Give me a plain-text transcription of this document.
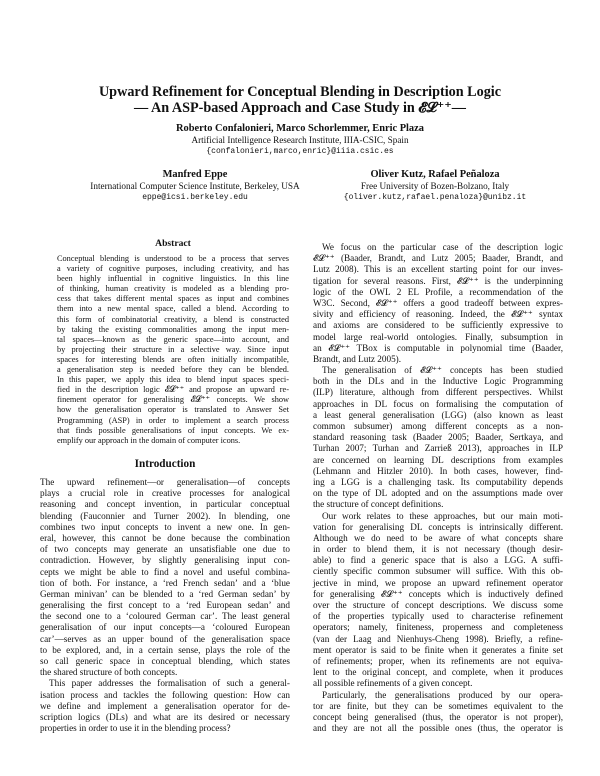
Upward Refinement for Conceptual Blending in Description Logic
— An ASP-based Approach and Case Study in 𝓔𝓛⁺⁺—
Roberto Confalonieri, Marco Schorlemmer, Enric Plaza
Artificial Intelligence Research Institute, IIIA-CSIC, Spain
{confalonieri,marco,enric}@iiia.csic.es
Manfred Eppe
International Computer Science Institute, Berkeley, USA
eppe@icsi.berkeley.edu
Oliver Kutz, Rafael Peñaloza
Free University of Bozen-Bolzano, Italy
{oliver.kutz,rafael.penaloza}@unibz.it
Abstract
Conceptual blending is understood to be a process that serves
a variety of cognitive purposes, including creativity, and has
been highly influential in cognitive linguistics. In this line
of thinking, human creativity is modeled as a blending pro-
cess that takes different mental spaces as input and combines
them into a new mental space, called a blend. According to
this form of combinatorial creativity, a blend is constructed
by taking the existing commonalities among the input men-
tal spaces—known as the generic space—into account, and
by projecting their structure in a selective way. Since input
spaces for interesting blends are often initially incompatible,
a generalisation step is needed before they can be blended.
In this paper, we apply this idea to blend input spaces speci-
fied in the description logic 𝓔𝓛⁺⁺ and propose an upward re-
finement operator for generalising 𝓔𝓛⁺⁺ concepts. We show
how the generalisation operator is translated to Answer Set
Programming (ASP) in order to implement a search process
that finds possible generalisations of input concepts. We ex-
emplify our approach in the domain of computer icons.
Introduction
The upward refinement—or generalisation—of concepts
plays a crucial role in creative processes for analogical
reasoning and concept invention, in particular conceptual
blending (Fauconnier and Turner 2002). In blending, one
combines two input concepts to invent a new one. In gen-
eral, however, this cannot be done because the combination
of two concepts may generate an unsatisfiable one due to
contradiction. However, by slightly generalising input con-
cepts we might be able to find a novel and useful combina-
tion of both. For instance, a ‘red French sedan’ and a ‘blue
German minivan’ can be blended to a ‘red German sedan’ by
generalising the first concept to a ‘red European sedan’ and
the second one to a ‘coloured German car’. The least general
generalisation of our input concepts—a ‘coloured European
car’—serves as an upper bound of the generalisation space
to be explored, and, in a certain sense, plays the role of the
so call generic space in conceptual blending, which states
the shared structure of both concepts.
This paper addresses the formalisation of such a general-
isation process and tackles the following question: How can
we define and implement a generalisation operator for de-
scription logics (DLs) and what are its desired or necessary
properties in order to use it in the blending process?
We focus on the particular case of the description logic
𝓔𝓛⁺⁺ (Baader, Brandt, and Lutz 2005; Baader, Brandt, and
Lutz 2008). This is an excellent starting point for our inves-
tigation for several reasons. First, 𝓔𝓛⁺⁺ is the underpinning
logic of the OWL 2 EL Profile, a recommendation of the
W3C. Second, 𝓔𝓛⁺⁺ offers a good tradeoff between expres-
sivity and efficiency of reasoning. Indeed, the 𝓔𝓛⁺⁺ syntax
and axioms are considered to be sufficiently expressive to
model large real-world ontologies. Finally, subsumption in
an 𝓔𝓛⁺⁺ TBox is computable in polynomial time (Baader,
Brandt, and Lutz 2005).
The generalisation of 𝓔𝓛⁺⁺ concepts has been studied
both in the DLs and in the Inductive Logic Programming
(ILP) literature, although from different perspectives. Whilst
approaches in DL focus on formalising the computation of
a least general generalisation (LGG) (also known as least
common subsumer) among different concepts as a non-
standard reasoning task (Baader 2005; Baader, Sertkaya, and
Turhan 2007; Turhan and Zarrieß 2013), approaches in ILP
are concerned on learning DL descriptions from examples
(Lehmann and Hitzler 2010). In both cases, however, find-
ing a LGG is a challenging task. Its computability depends
on the type of DL adopted and on the assumptions made over
the structure of concept definitions.
Our work relates to these approaches, but our main moti-
vation for generalising DL concepts is intrinsically different.
Although we do need to be aware of what concepts share
in order to blend them, it is not necessary (though desir-
able) to find a generic space that is also a LGG. A suffi-
ciently specific common subsumer will suffice. With this ob-
jective in mind, we propose an upward refinement operator
for generalising 𝓔𝓛⁺⁺ concepts which is inductively defined
over the structure of concept descriptions. We discuss some
of the properties typically used to characterise refinement
operators; namely, finiteness, properness and completeness
(van der Laag and Nienhuys-Cheng 1998). Briefly, a refine-
ment operator is said to be finite when it generates a finite set
of refinements; proper, when its refinements are not equiva-
lent to the original concept, and complete, when it produces
all possible refinements of a given concept.
Particularly, the generalisations produced by our opera-
tor are finite, but they can be sometimes equivalent to the
concept being generalised (thus, the operator is not proper),
and they are not all the possible ones (thus, the operator is
